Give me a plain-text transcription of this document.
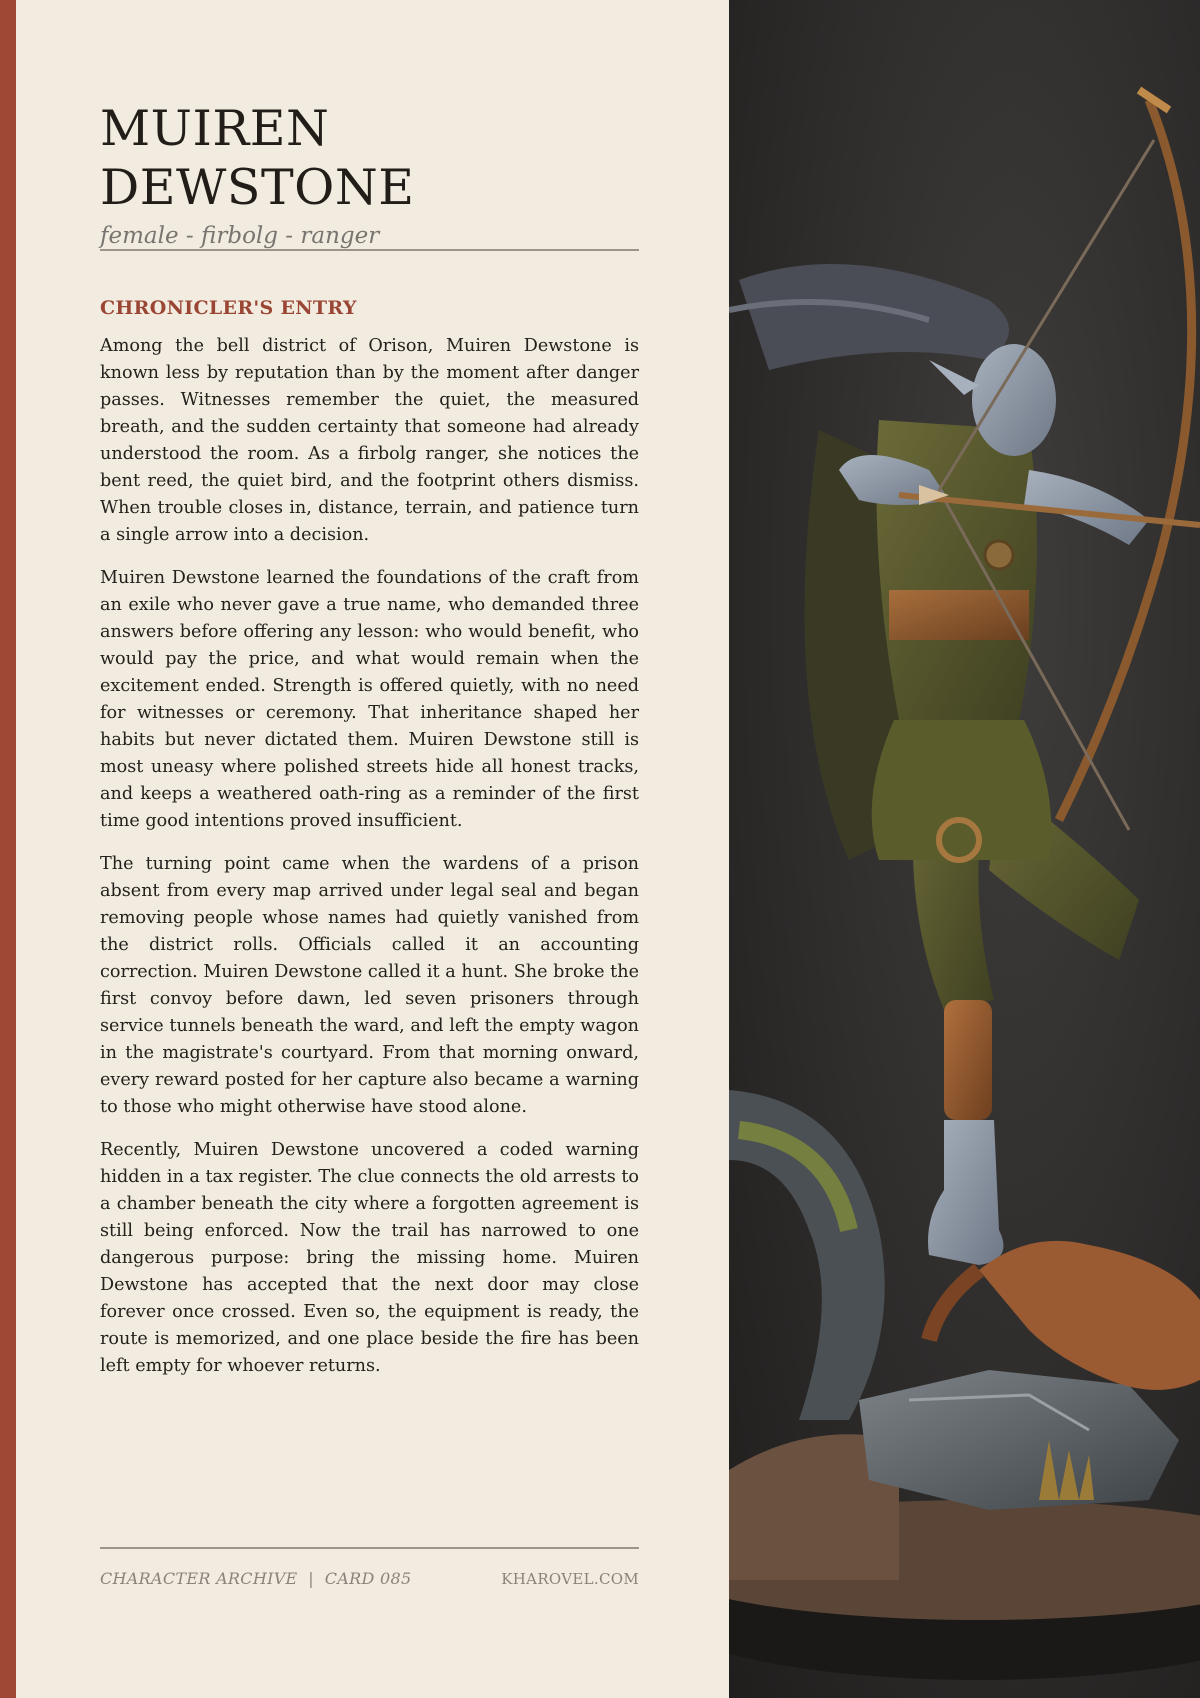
MUIREN DEWSTONE
female - firbolg - ranger
CHRONICLER'S ENTRY

Among the bell district of Orison, Muiren Dewstone is known less by reputation than by the moment after danger passes. Witnesses remember the quiet, the measured breath, and the sudden certainty that someone had already understood the room. As a firbolg ranger, she notices the bent reed, the quiet bird, and the footprint others dismiss. When trouble closes in, distance, terrain, and patience turn a single arrow into a decision.

Muiren Dewstone learned the foundations of the craft from an exile who never gave a true name, who demanded three answers before offering any lesson: who would benefit, who would pay the price, and what would remain when the excitement ended. Strength is offered quietly, with no need for witnesses or ceremony. That inheritance shaped her habits but never dictated them. Muiren Dewstone still is most uneasy where polished streets hide all honest tracks, and keeps a weathered oath-ring as a reminder of the first time good intentions proved insufficient.

The turning point came when the wardens of a prison absent from every map arrived under legal seal and began removing people whose names had quietly vanished from the district rolls. Officials called it an accounting correction. Muiren Dewstone called it a hunt. She broke the first convoy before dawn, led seven prisoners through service tunnels beneath the ward, and left the empty wagon in the magistrate's courtyard. From that morning onward, every reward posted for her capture also became a warning to those who might otherwise have stood alone.

Recently, Muiren Dewstone uncovered a coded warning hidden in a tax register. The clue connects the old arrests to a chamber beneath the city where a forgotten agreement is still being enforced. Now the trail has narrowed to one dangerous purpose: bring the missing home. Muiren Dewstone has accepted that the next door may close forever once crossed. Even so, the equipment is ready, the route is memorized, and one place beside the fire has been left empty for whoever returns.

CHARACTER ARCHIVE  |  CARD 085	KHAROVEL.COM
